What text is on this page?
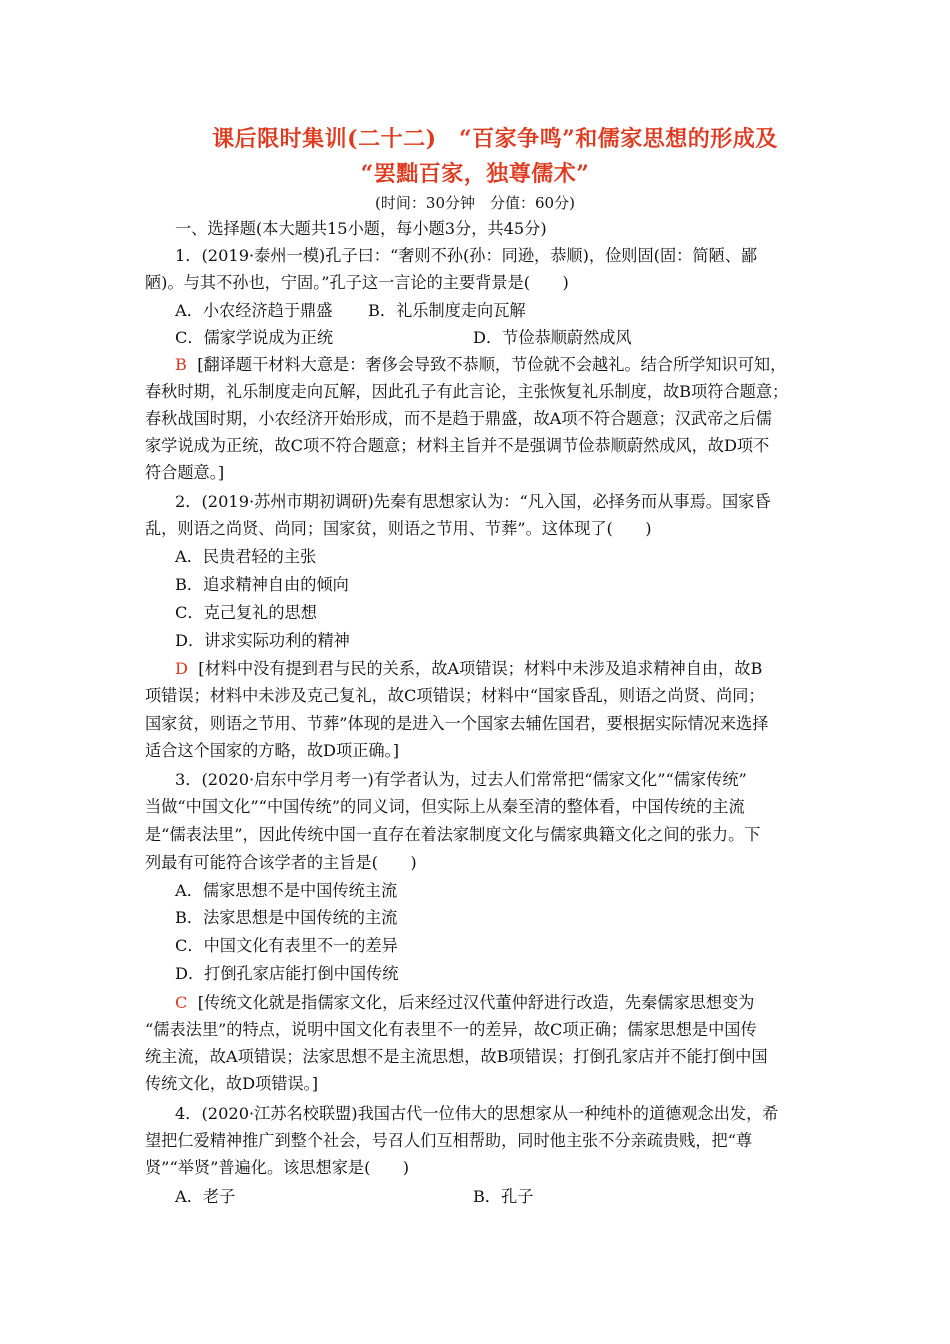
课后限时集训(二十二)　“百家争鸣”和儒家思想的形成及
“罢黜百家，独尊儒术”
(时间：30分钟　分值：60分)
一、选择题(本大题共15小题，每小题3分，共45分)
1．(2019·泰州一模)孔子曰：“奢则不孙(孙：同逊，恭顺)，俭则固(固：简陋、鄙
陋)。与其不孙也，宁固。”孔子这一言论的主要背景是(　　)
A．小农经济趋于鼎盛 B．礼乐制度走向瓦解
C．儒家学说成为正统	D．节俭恭顺蔚然成风
B [翻译题干材料大意是：奢侈会导致不恭顺，节俭就不会越礼。结合所学知识可知，
春秋时期，礼乐制度走向瓦解，因此孔子有此言论，主张恢复礼乐制度，故B项符合题意；
春秋战国时期，小农经济开始形成，而不是趋于鼎盛，故A项不符合题意；汉武帝之后儒
家学说成为正统，故C项不符合题意；材料主旨并不是强调节俭恭顺蔚然成风，故D项不
符合题意。]
2．(2019·苏州市期初调研)先秦有思想家认为：“凡入国，必择务而从事焉。国家昏
乱，则语之尚贤、尚同；国家贫，则语之节用、节葬”。这体现了(　　)
A．民贵君轻的主张
B．追求精神自由的倾向
C．克己复礼的思想
D．讲求实际功利的精神
D [材料中没有提到君与民的关系，故A项错误；材料中未涉及追求精神自由，故B
项错误；材料中未涉及克己复礼，故C项错误；材料中“国家昏乱，则语之尚贤、尚同；
国家贫，则语之节用、节葬”体现的是进入一个国家去辅佐国君，要根据实际情况来选择
适合这个国家的方略，故D项正确。]
3．(2020·启东中学月考一)有学者认为，过去人们常常把“儒家文化”“儒家传统”
当做“中国文化”“中国传统”的同义词，但实际上从秦至清的整体看，中国传统的主流
是“儒表法里”，因此传统中国一直存在着法家制度文化与儒家典籍文化之间的张力。下
列最有可能符合该学者的主旨是(　　)
A．儒家思想不是中国传统主流
B．法家思想是中国传统的主流
C．中国文化有表里不一的差异
D．打倒孔家店能打倒中国传统
C [传统文化就是指儒家文化，后来经过汉代董仲舒进行改造，先秦儒家思想变为
“儒表法里”的特点，说明中国文化有表里不一的差异，故C项正确；儒家思想是中国传
统主流，故A项错误；法家思想不是主流思想，故B项错误；打倒孔家店并不能打倒中国
传统文化，故D项错误。]
4．(2020·江苏名校联盟)我国古代一位伟大的思想家从一种纯朴的道德观念出发，希
望把仁爱精神推广到整个社会，号召人们互相帮助，同时他主张不分亲疏贵贱，把“尊
贤”“举贤”普遍化。该思想家是(　　)
A．老子	B．孔子
